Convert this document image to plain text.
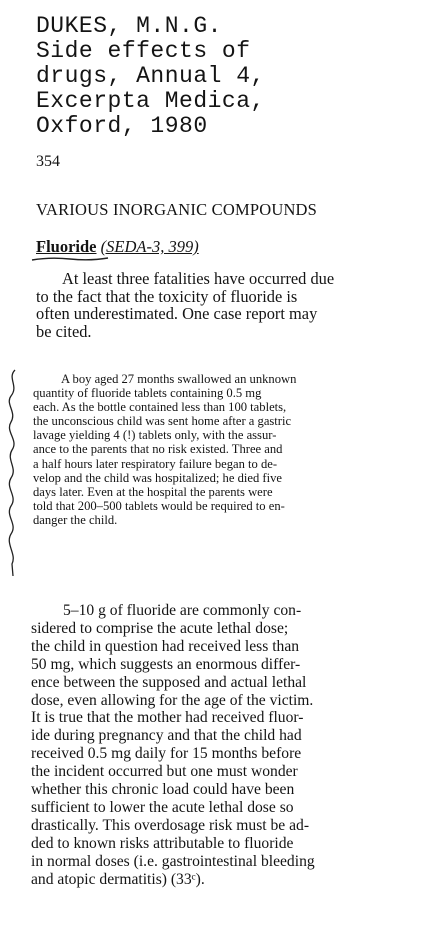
DUKES, M.N.G.
Side effects of
drugs, Annual 4,
Excerpta Medica,
Oxford, 1980
354
VARIOUS INORGANIC COMPOUNDS
Fluoride (SEDA-3, 399)
At least three fatalities have occurred due
to the fact that the toxicity of fluoride is
often underestimated. One case report may
be cited.
A boy aged 27 months swallowed an unknown
quantity of fluoride tablets containing 0.5 mg
each. As the bottle contained less than 100 tablets,
the unconscious child was sent home after a gastric
lavage yielding 4 (!) tablets only, with the assur-
ance to the parents that no risk existed. Three and
a half hours later respiratory failure began to de-
velop and the child was hospitalized; he died five
days later. Even at the hospital the parents were
told that 200–500 tablets would be required to en-
danger the child.
5–10 g of fluoride are commonly con-
sidered to comprise the acute lethal dose;
the child in question had received less than
50 mg, which suggests an enormous differ-
ence between the supposed and actual lethal
dose, even allowing for the age of the victim.
It is true that the mother had received fluor-
ide during pregnancy and that the child had
received 0.5 mg daily for 15 months before
the incident occurred but one must wonder
whether this chronic load could have been
sufficient to lower the acute lethal dose so
drastically. This overdosage risk must be ad-
ded to known risks attributable to fluoride
in normal doses (i.e. gastrointestinal bleeding
and atopic dermatitis) (33ᶜ).
